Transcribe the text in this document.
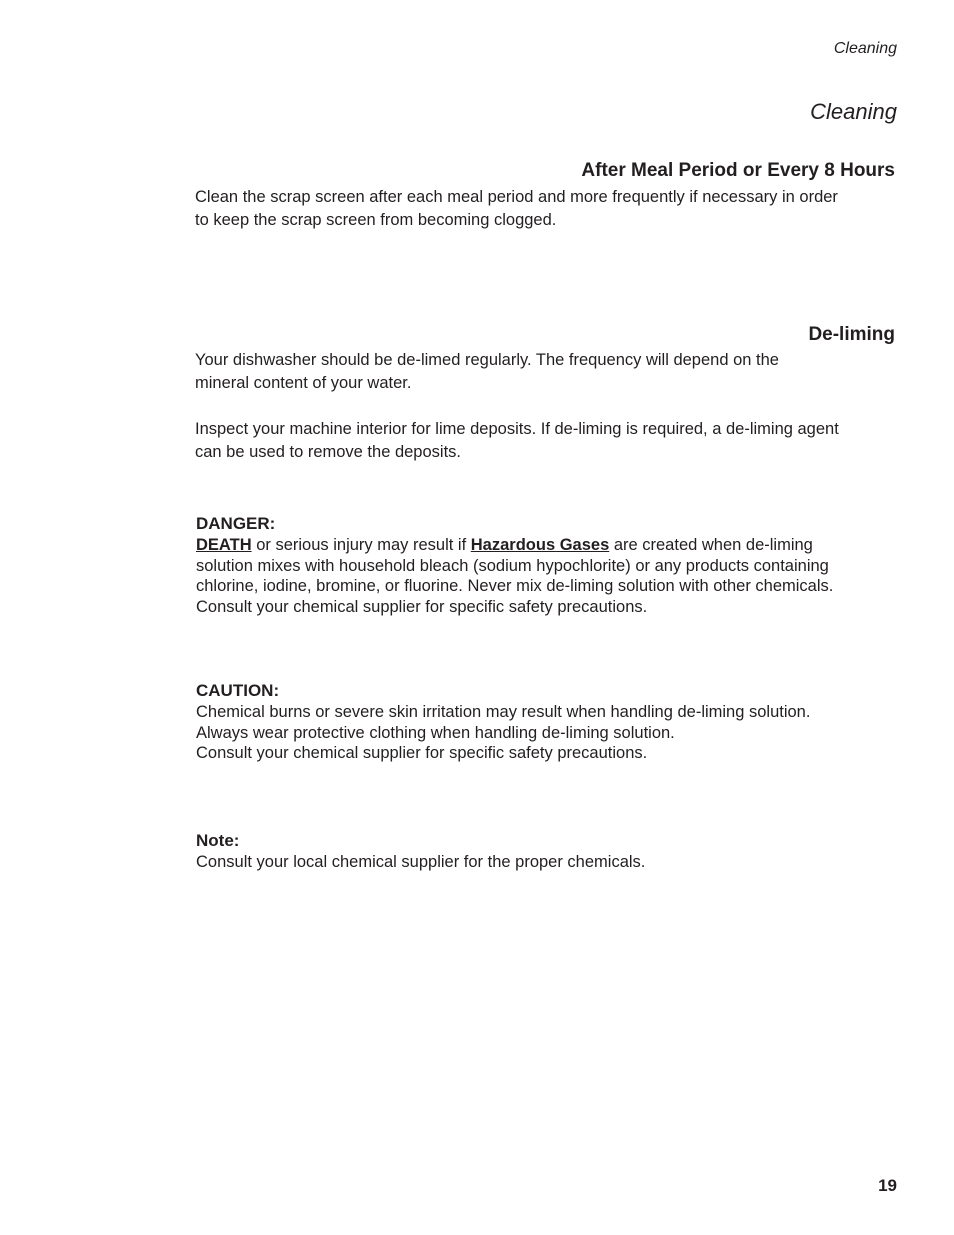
Cleaning
Cleaning
After Meal Period or Every 8 Hours

Clean the scrap screen after each meal period and more frequently if necessary in order
to keep the scrap screen from becoming clogged.

De-liming

Your dishwasher should be de-limed regularly. The frequency will depend on the
mineral content of your water.

Inspect your machine interior for lime deposits. If de-liming is required, a de-liming agent
can be used to remove the deposits.

DANGER:

DEATH or serious injury may result if Hazardous Gases are created when de-liming
solution mixes with household bleach (sodium hypochlorite) or any products containing
chlorine, iodine, bromine, or fluorine. Never mix de-liming solution with other chemicals.
Consult your chemical supplier for specific safety precautions.

CAUTION:

Chemical burns or severe skin irritation may result when handling de-liming solution.
Always wear protective clothing when handling de-liming solution.
Consult your chemical supplier for specific safety precautions.

Note:

Consult your local chemical supplier for the proper chemicals.

19
